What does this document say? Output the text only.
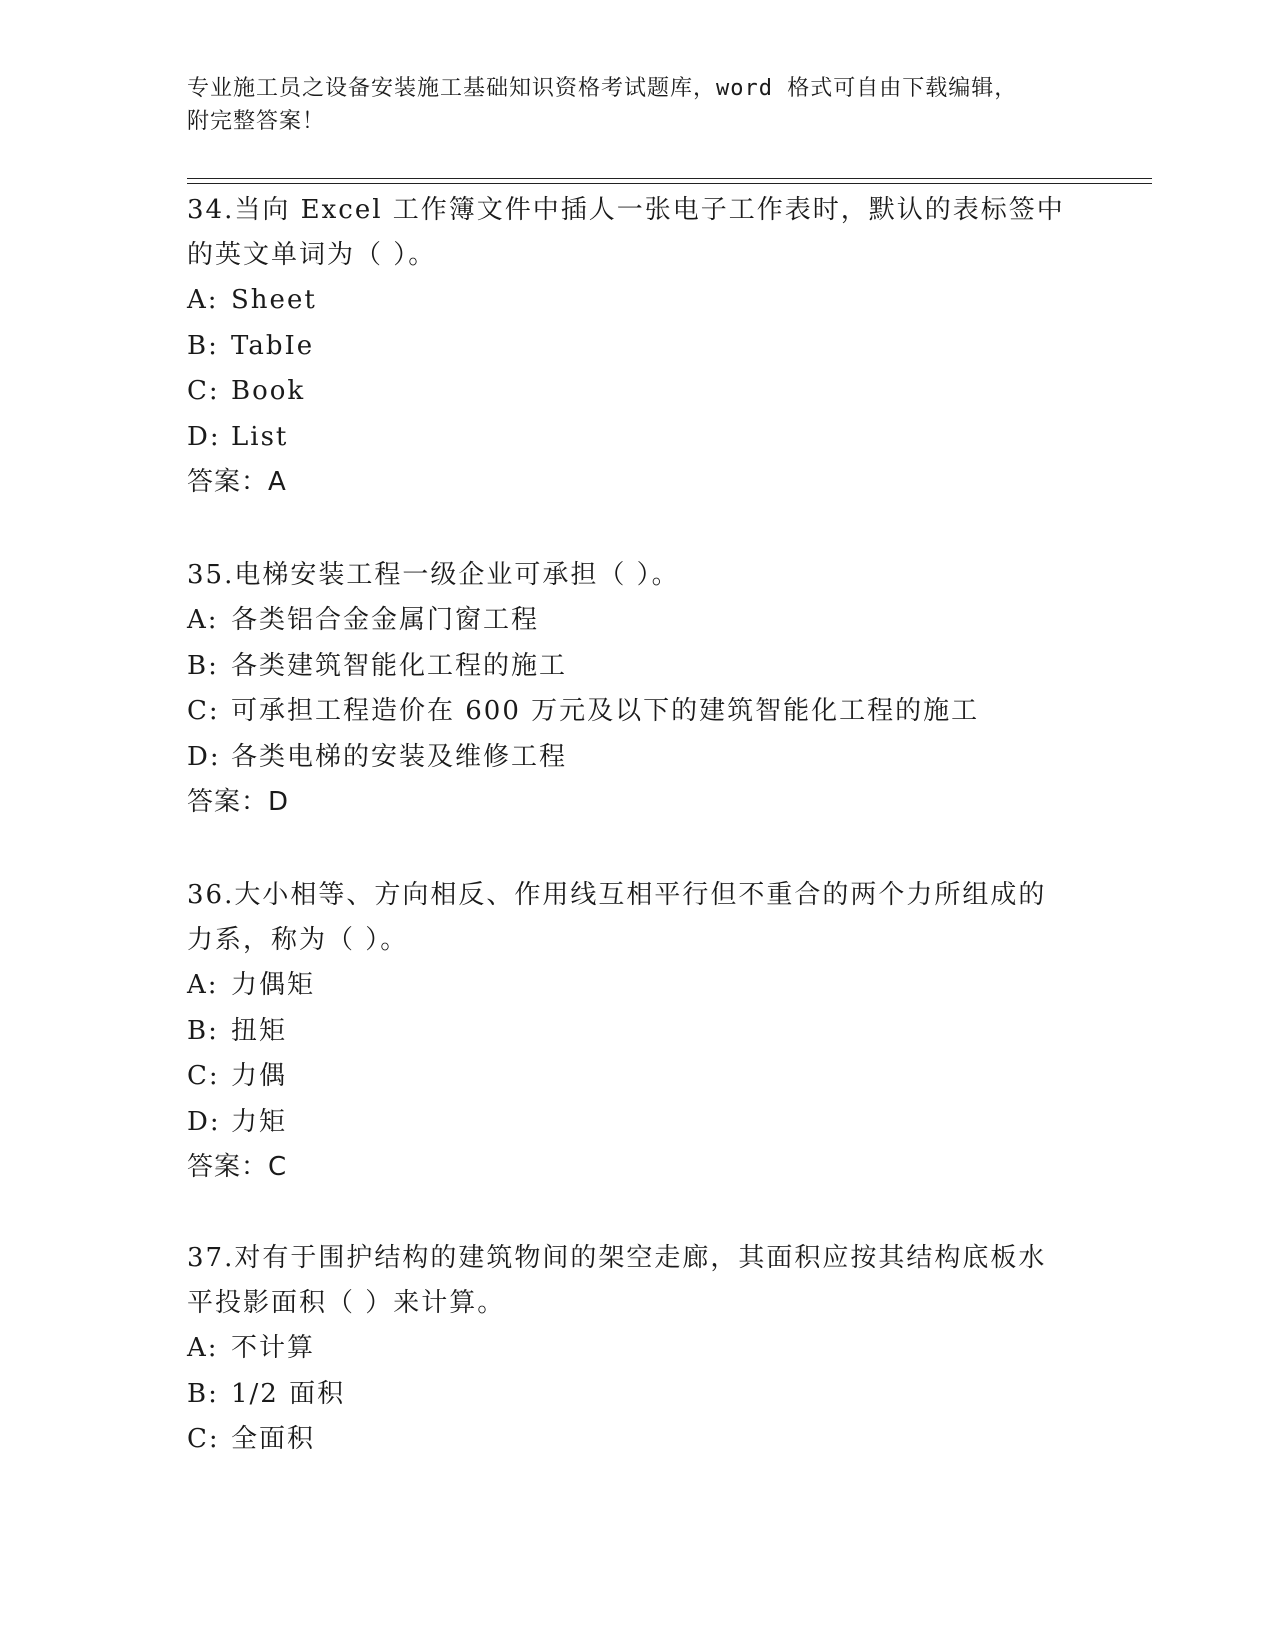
专业施工员之设备安装施工基础知识资格考试题库，word 格式可自由下载编辑，
附完整答案！
34.当向 Excel 工作簿文件中插人一张电子工作表时，默认的表标签中
的英文单词为（ ）。
A: Sheet
B: TabIe
C: Book
D: List
答案：A
35.电梯安装工程一级企业可承担（ ）。
A: 各类铝合金金属门窗工程
B: 各类建筑智能化工程的施工
C: 可承担工程造价在 600 万元及以下的建筑智能化工程的施工
D: 各类电梯的安装及维修工程
答案：D
36.大小相等、方向相反、作用线互相平行但不重合的两个力所组成的
力系，称为（ ）。
A: 力偶矩
B: 扭矩
C: 力偶
D: 力矩
答案：C
37.对有于围护结构的建筑物间的架空走廊，其面积应按其结构底板水
平投影面积（ ）来计算。
A: 不计算
B: 1/2 面积
C: 全面积
